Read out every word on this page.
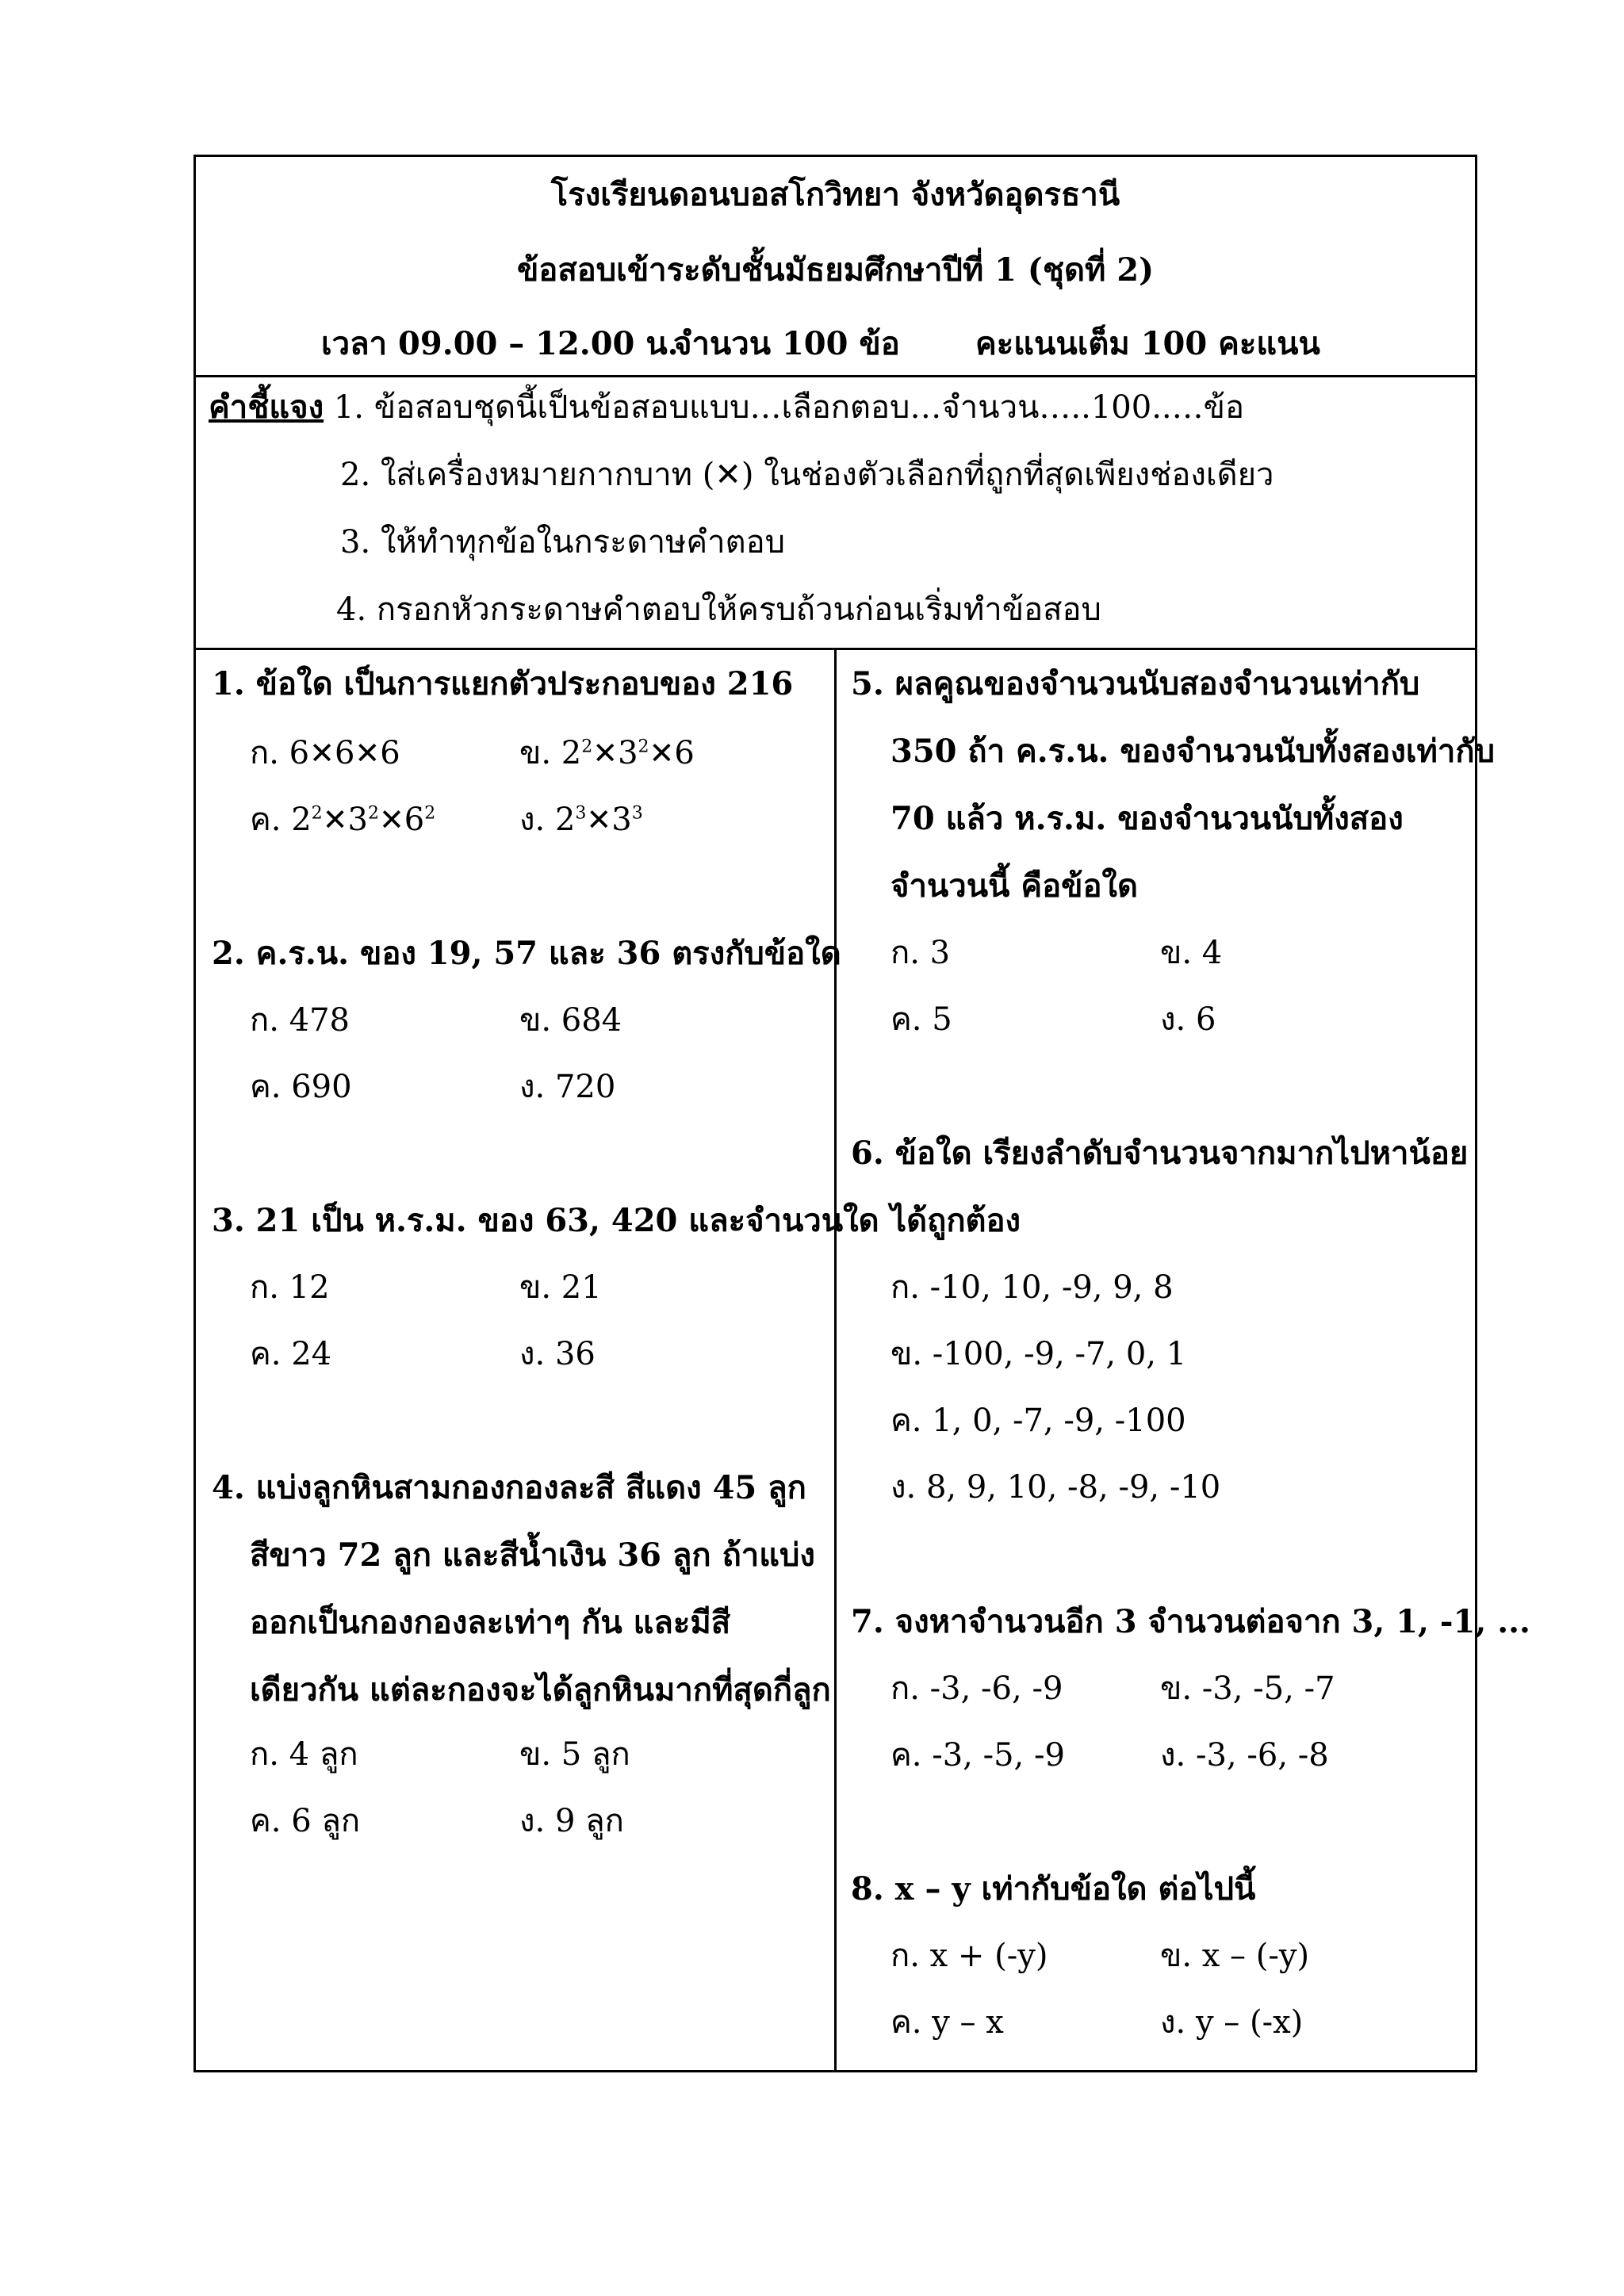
โรงเรียนดอนบอสโกวิทยา จังหวัดอุดรธานี
ข้อสอบเข้าระดับชั้นมัธยมศึกษาปีที่ 1 (ชุดที่ 2)
เวลา 09.00 – 12.00 น.
จำนวน 100 ข้อ คะแนนเต็ม 100 คะแนน
คำชี้แจง 1. ข้อสอบชุดนี้เป็นข้อสอบแบบ…เลือกตอบ…จำนวน…..100..…ข้อ
2. ใส่เครื่องหมายกากบาท (✕) ในช่องตัวเลือกที่ถูกที่สุดเพียงช่องเดียว
3. ให้ทำทุกข้อในกระดาษคำตอบ
4. กรอกหัวกระดาษคำตอบให้ครบถ้วนก่อนเริ่มทำข้อสอบ
1. ข้อใด เป็นการแยกตัวประกอบของ 216
ก. 6✕6✕6	ข. $2^2✕3^2✕6$
ค. $2^2✕3^2✕6^2$	ง. $2^3✕3^3$
2. ค.ร.น. ของ 19, 57 และ 36 ตรงกับข้อใด
ก. 478	ข. 684
ค. 690	ง. 720
3. 21 เป็น ห.ร.ม. ของ 63, 420 และจำนวนใด
ก. 12	ข. 21
ค. 24	ง. 36
4. แบ่งลูกหินสามกองกองละสี สีแดง 45 ลูก
สีขาว 72 ลูก และสีน้ำเงิน 36 ลูก ถ้าแบ่ง
ออกเป็นกองกองละเท่าๆ กัน และมีสี
เดียวกัน แต่ละกองจะได้ลูกหินมากที่สุดกี่ลูก
ก. 4 ลูก	ข. 5 ลูก
ค. 6 ลูก	ง. 9 ลูก
5. ผลคูณของจำนวนนับสองจำนวนเท่ากับ
350 ถ้า ค.ร.น. ของจำนวนนับทั้งสองเท่ากับ
70 แล้ว ห.ร.ม. ของจำนวนนับทั้งสอง
จำนวนนี้ คือข้อใด
ก. 3	ข. 4
ค. 5	ง. 6
6. ข้อใด เรียงลำดับจำนวนจากมากไปหาน้อย
ได้ถูกต้อง
ก. -10, 10, -9, 9, 8
ข. -100, -9, -7, 0, 1
ค. 1, 0, -7, -9, -100
ง. 8, 9, 10, -8, -9, -10
7. จงหาจำนวนอีก 3 จำนวนต่อจาก 3, 1, -1, ...
ก. -3, -6, -9	ข. -3, -5, -7
ค. -3, -5, -9	ง. -3, -6, -8
8. x – y เท่ากับข้อใด ต่อไปนี้
ก. x + (-y)	ข. x – (-y)
ค. y – x	ง. y – (-x)
